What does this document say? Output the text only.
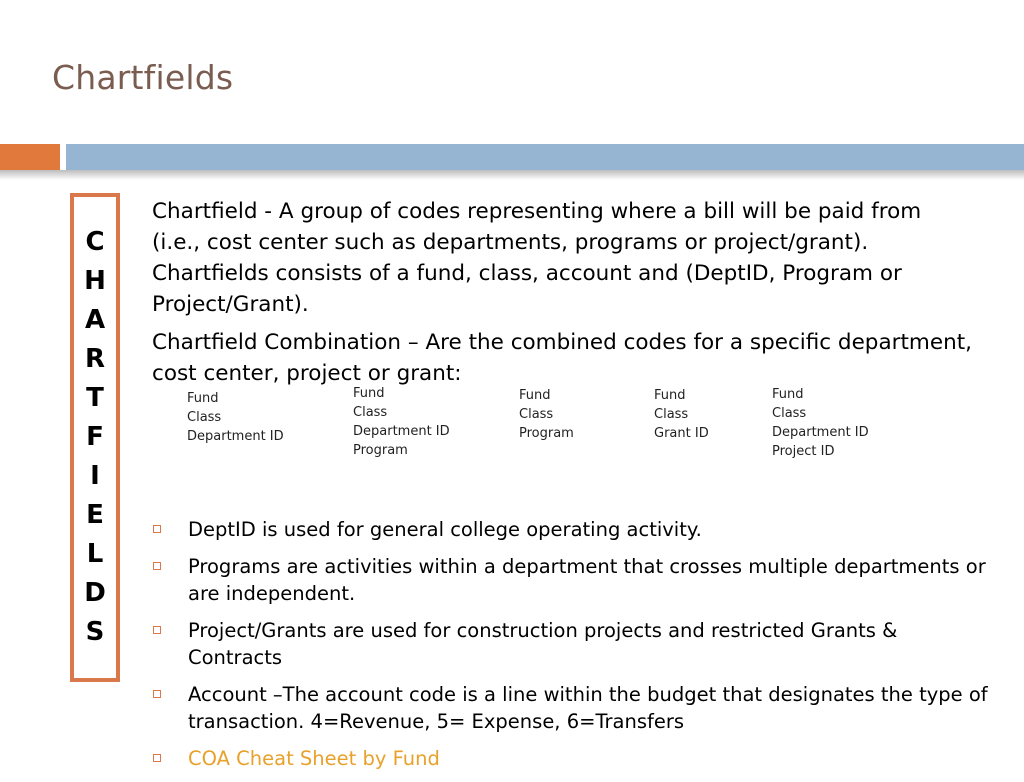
Chartfields
C
H
A
R
T
F
I
E
L
D
S
Chartfield - A group of codes representing where a bill will be paid from (i.e., cost center such as departments, programs or project/grant). Chartfields consists of a fund, class, account and (DeptID, Program or Project/Grant).
Chartfield Combination – Are the combined codes for a specific department, cost center, project or grant:
Fund
Class
Department ID
Fund
Class
Department ID
Program
Fund
Class
Program
Fund
Class
Grant ID
Fund
Class
Department ID
Project ID
DeptID is used for general college operating activity.
Programs are activities within a department that crosses multiple departments or are independent.
Project/Grants are used for construction projects and restricted Grants & Contracts
Account –The account code is a line within the budget that designates the type of transaction. 4=Revenue, 5= Expense, 6=Transfers
COA Cheat Sheet by Fund
